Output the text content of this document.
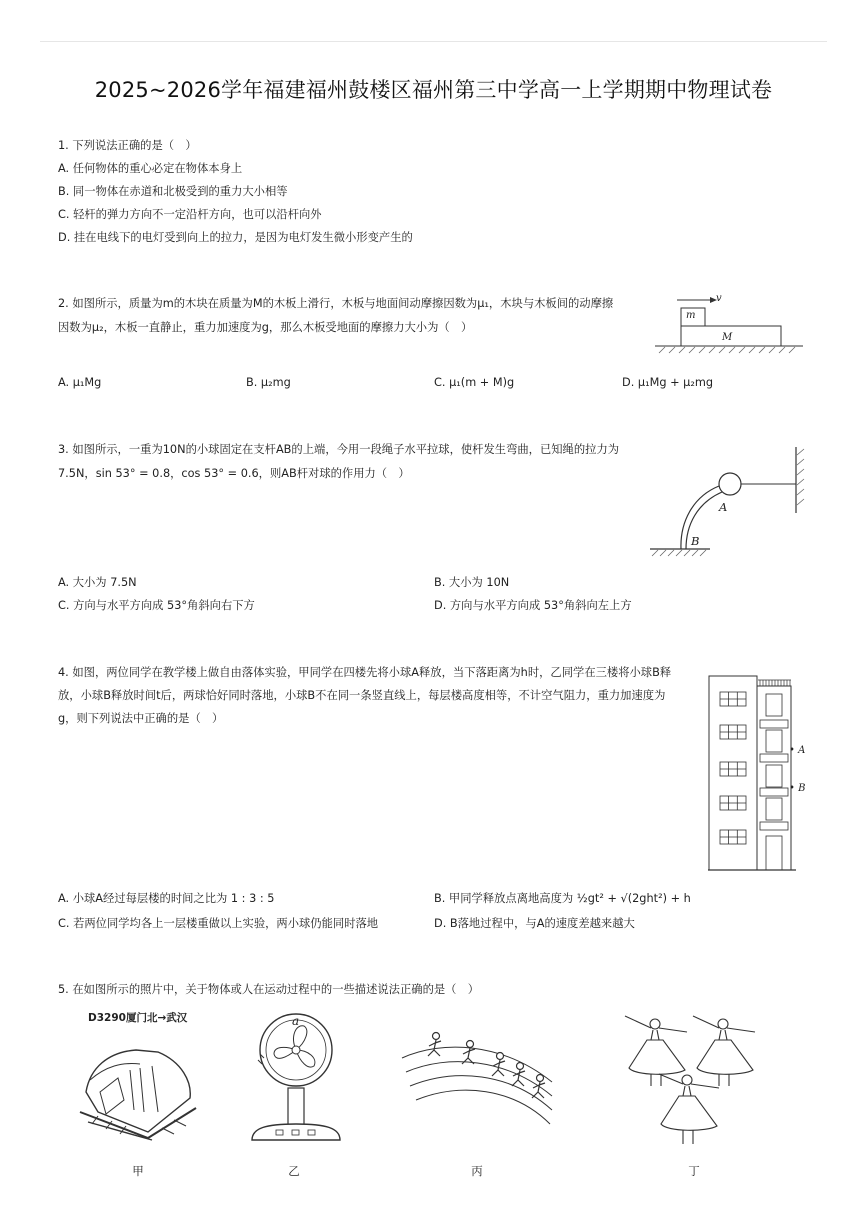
2025~2026学年福建福州鼓楼区福州第三中学高一上学期期中物理试卷
1. 下列说法正确的是（　）
A. 任何物体的重心必定在物体本身上
B. 同一物体在赤道和北极受到的重力大小相等
C. 轻杆的弹力方向不一定沿杆方向，也可以沿杆向外
D. 挂在电线下的电灯受到向上的拉力，是因为电灯发生微小形变产生的
2. 如图所示，质量为m的木块在质量为M的木板上滑行，木板与地面间动摩擦因数为μ₁，木块与木板间的动摩擦
因数为μ₂，木板一直静止，重力加速度为g，那么木板受地面的摩擦力大小为（　）
v
m
M
A. μ₁Mg	B. μ₂mg	C. μ₁(m + M)g	D. μ₁Mg + μ₂mg
3. 如图所示，一重为10N的小球固定在支杆AB的上端，今用一段绳子水平拉球，使杆发生弯曲，已知绳的拉力为
7.5N，sin 53° = 0.8，cos 53° = 0.6，则AB杆对球的作用力（　）
A
B
A. 大小为 7.5N	B. 大小为 10N
C. 方向与水平方向成 53°角斜向右下方	D. 方向与水平方向成 53°角斜向左上方
4. 如图，两位同学在教学楼上做自由落体实验，甲同学在四楼先将小球A释放，当下落距离为h时，乙同学在三楼将小球B释
放，小球B释放时间t后，两球恰好同时落地，小球B不在同一条竖直线上，每层楼高度相等，不计空气阻力，重力加速度为
g，则下列说法中正确的是（　）
• A
• B
A. 小球A经过每层楼的时间之比为 1 : 3 : 5	B. 甲同学释放点离地高度为 ½gt² + √(2ght²) + h
C. 若两位同学均各上一层楼重做以上实验，两小球仍能同时落地	D. B落地过程中，与A的速度差越来越大
5. 在如图所示的照片中，关于物体或人在运动过程中的一些描述说法正确的是（　）
D3290厦门北→武汉	a
甲	乙	丙	丁
